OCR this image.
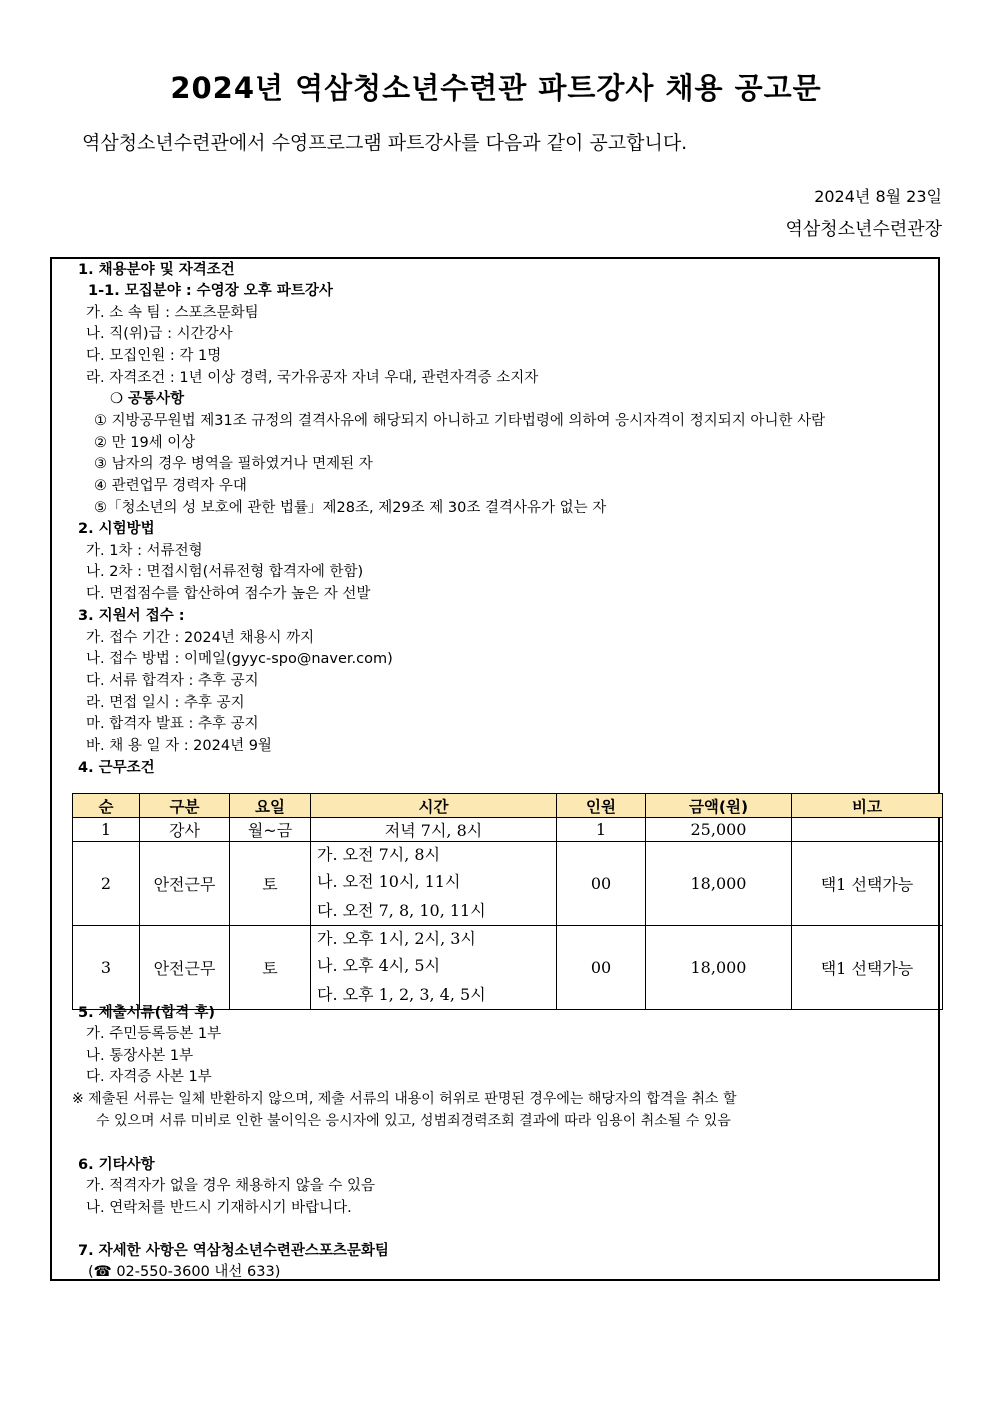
2024년 역삼청소년수련관 파트강사 채용 공고문
역삼청소년수련관에서 수영프로그램 파트강사를 다음과 같이 공고합니다.
2024년 8월 23일
역삼청소년수련관장
1. 채용분야 및 자격조건
1-1. 모집분야 : 수영장 오후 파트강사
가. 소 속 팀 : 스포츠문화팀
나. 직(위)급 : 시간강사
다. 모집인원 : 각 1명
라. 자격조건 : 1년 이상 경력, 국가유공자 자녀 우대, 관련자격증 소지자
❍ 공통사항
① 지방공무원법 제31조 규정의 결격사유에 해당되지 아니하고 기타법령에 의하여 응시자격이 정지되지 아니한 사람
② 만 19세 이상
③ 남자의 경우 병역을 필하였거나 면제된 자
④ 관련업무 경력자 우대
⑤「청소년의 성 보호에 관한 법률」제28조, 제29조 제 30조 결격사유가 없는 자
2. 시험방법
가. 1차 : 서류전형
나. 2차 : 면접시험(서류전형 합격자에 한함)
다. 면접점수를 합산하여 점수가 높은 자 선발
3. 지원서 접수 :
가. 접수 기간 : 2024년 채용시 까지
나. 접수 방법 : 이메일(gyyc-spo@naver.com)
다. 서류 합격자 : 추후 공지
라. 면접 일시 : 추후 공지
마. 합격자 발표 : 추후 공지
바. 채 용 일 자 : 2024년 9월
4. 근무조건
순	구분	요일	시간	인원	금액(원)	비고
1	강사	월~금	저녁 7시, 8시	1	25,000	
2	안전근무	토	가. 오전 7시, 8시
나. 오전 10시, 11시
다. 오전 7, 8, 10, 11시	00	18,000	택1 선택가능
3	안전근무	토	가. 오후 1시, 2시, 3시
나. 오후 4시, 5시
다. 오후 1, 2, 3, 4, 5시	00	18,000	택1 선택가능
5. 제출서류(합격 후)
가. 주민등록등본 1부
나. 통장사본 1부
다. 자격증 사본 1부
※ 제출된 서류는 일체 반환하지 않으며, 제출 서류의 내용이 허위로 판명된 경우에는 해당자의 합격을 취소 할
수 있으며 서류 미비로 인한 불이익은 응시자에 있고, 성범죄경력조회 결과에 따라 임용이 취소될 수 있음
6. 기타사항
가. 적격자가 없을 경우 채용하지 않을 수 있음
나. 연락처를 반드시 기재하시기 바랍니다.
7. 자세한 사항은 역삼청소년수련관스포츠문화팀
(☎ 02-550-3600 내선 633)
